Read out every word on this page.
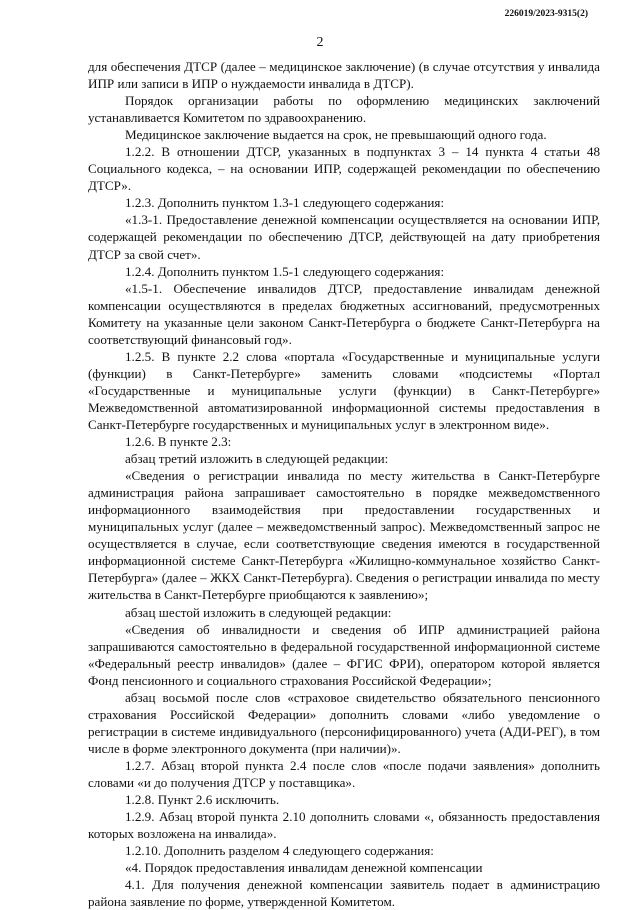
226019/2023-9315(2)
2

для обеспечения ДТСР (далее – медицинское заключение) (в случае отсутствия у инвалида ИПР или записи в ИПР о нуждаемости инвалида в ДТСР).

Порядок организации работы по оформлению медицинских заключений устанавливается Комитетом по здравоохранению.

Медицинское заключение выдается на срок, не превышающий одного года.

1.2.2. В отношении ДТСР, указанных в подпунктах 3 – 14 пункта 4 статьи 48 Социального кодекса, – на основании ИПР, содержащей рекомендации по обеспечению ДТСР».

1.2.3. Дополнить пунктом 1.3-1 следующего содержания:

«1.3-1. Предоставление денежной компенсации осуществляется на основании ИПР, содержащей рекомендации по обеспечению ДТСР, действующей на дату приобретения ДТСР за свой счет».

1.2.4. Дополнить пунктом 1.5-1 следующего содержания:

«1.5-1. Обеспечение инвалидов ДТСР, предоставление инвалидам денежной компенсации осуществляются в пределах бюджетных ассигнований, предусмотренных Комитету на указанные цели законом Санкт-Петербурга о бюджете Санкт-Петербурга на соответствующий финансовый год».

1.2.5. В пункте 2.2 слова «портала «Государственные и муниципальные услуги (функции) в Санкт-Петербурге» заменить словами «подсистемы «Портал «Государственные и муниципальные услуги (функции) в Санкт-Петербурге» Межведомственной автоматизированной информационной системы предоставления в Санкт-Петербурге государственных и муниципальных услуг в электронном виде».

1.2.6. В пункте 2.3:

абзац третий изложить в следующей редакции:

«Сведения о регистрации инвалида по месту жительства в Санкт-Петербурге администрация района запрашивает самостоятельно в порядке межведомственного информационного взаимодействия при предоставлении государственных и муниципальных услуг (далее – межведомственный запрос). Межведомственный запрос не осуществляется в случае, если соответствующие сведения имеются в государственной информационной системе Санкт-Петербурга «Жилищно-коммунальное хозяйство Санкт-Петербурга» (далее – ЖКХ Санкт-Петербурга). Сведения о регистрации инвалида по месту жительства в Санкт-Петербурге приобщаются к заявлению»;

абзац шестой изложить в следующей редакции:

«Сведения об инвалидности и сведения об ИПР администрацией района запрашиваются самостоятельно в федеральной государственной информационной системе «Федеральный реестр инвалидов» (далее – ФГИС ФРИ), оператором которой является Фонд пенсионного и социального страхования Российской Федерации»;

абзац восьмой после слов «страховое свидетельство обязательного пенсионного страхования Российской Федерации» дополнить словами «либо уведомление о регистрации в системе индивидуального (персонифицированного) учета (АДИ-РЕГ), в том числе в форме электронного документа (при наличии)».

1.2.7. Абзац второй пункта 2.4 после слов «после подачи заявления» дополнить словами «и до получения ДТСР у поставщика».

1.2.8. Пункт 2.6 исключить.

1.2.9. Абзац второй пункта 2.10 дополнить словами «, обязанность предоставления которых возложена на инвалида».

1.2.10. Дополнить разделом 4 следующего содержания:

«4. Порядок предоставления инвалидам денежной компенсации

4.1. Для получения денежной компенсации заявитель подает в администрацию района заявление по форме, утвержденной Комитетом.
